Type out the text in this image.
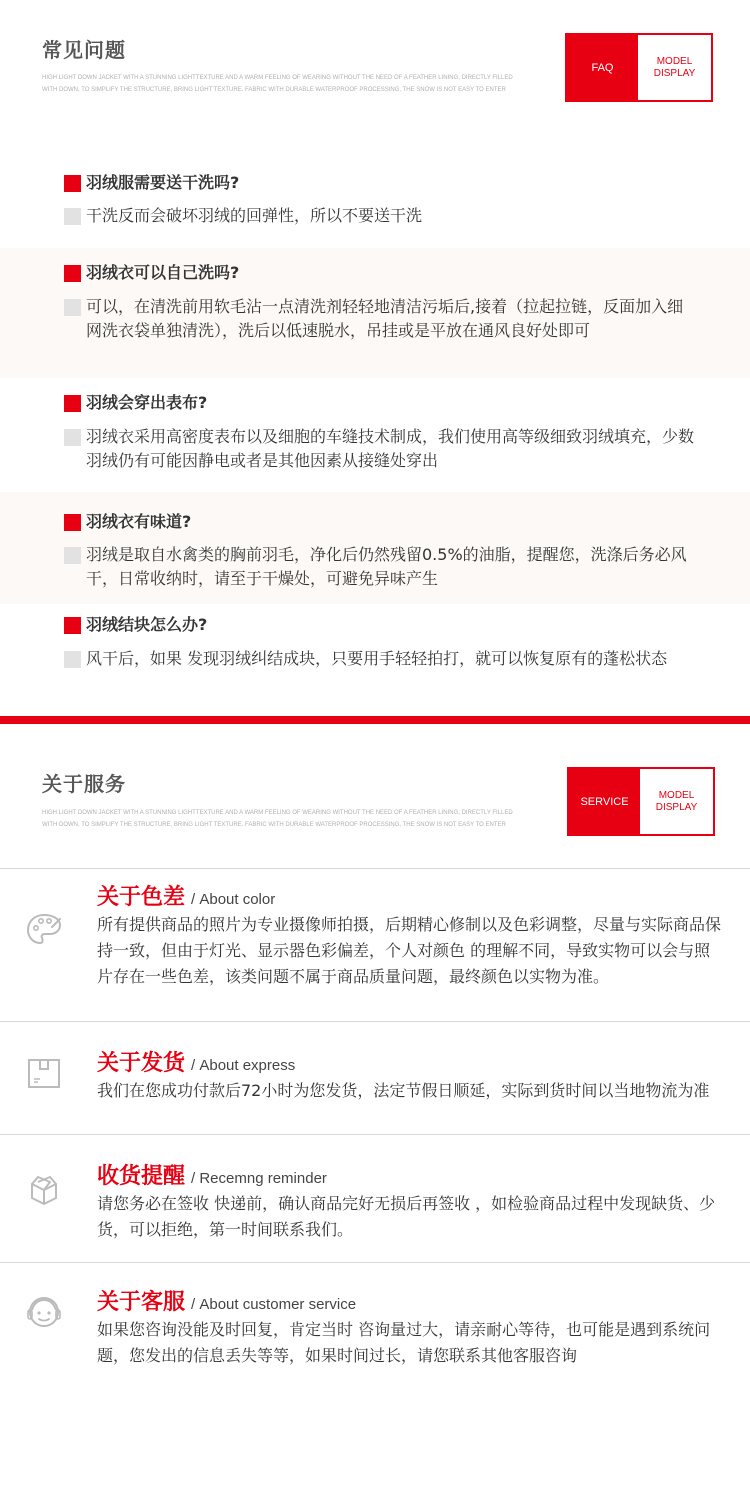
常见问题
HIGH LIGHT DOWN JACKET WITH A STUNNING LIGHTTEXTURE AND A WARM FEELING OF WEARING WITHOUT THE NEED OF A FEATHER LINING, DIRECTLY FILLED WITH DOWN, TO SIMPLIFY THE STRUCTURE, BRING LIGHT TEXTURE. FABRIC WITH DURABLE WATERPROOF PROCESSING, THE SNOW IS NOT EASY TO ENTER
FAQ
MODEL
DISPLAY
羽绒服需要送干洗吗?
干洗反而会破坏羽绒的回弹性，所以不要送干洗
羽绒衣可以自己洗吗?
可以，在清洗前用软毛沾一点清洗剂轻轻地清洁污垢后,接着（拉起拉链，反面加入细网洗衣袋单独清洗），洗后以低速脱水，吊挂或是平放在通风良好处即可
羽绒会穿出表布?
羽绒衣采用高密度表布以及细胞的车缝技术制成，我们使用高等级细致羽绒填充，少数羽绒仍有可能因静电或者是其他因素从接缝处穿出
羽绒衣有味道?
羽绒是取自水禽类的胸前羽毛，净化后仍然残留0.5%的油脂，提醒您，洗涤后务必风干，日常收纳时，请至于干燥处，可避免异味产生
羽绒结块怎么办?
风干后，如果 发现羽绒纠结成块，只要用手轻轻拍打，就可以恢复原有的蓬松状态
关于服务
HIGH LIGHT DOWN JACKET WITH A STUNNING LIGHTTEXTURE AND A WARM FEELING OF WEARING WITHOUT THE NEED OF A FEATHER LINING, DIRECTLY FILLED WITH DOWN, TO SIMPLIFY THE STRUCTURE, BRING LIGHT TEXTURE. FABRIC WITH DURABLE WATERPROOF PROCESSING, THE SNOW IS NOT EASY TO ENTER
SERVICE
MODEL
DISPLAY
关于色差 / About color
所有提供商品的照片为专业摄像师拍摄，后期精心修制以及色彩调整，尽量与实际商品保持一致，但由于灯光、显示器色彩偏差，个人对颜色 的理解不同，导致实物可以会与照片存在一些色差，该类问题不属于商品质量问题，最终颜色以实物为准。
关于发货 / About express
我们在您成功付款后72小时为您发货，法定节假日顺延，实际到货时间以当地物流为准
收货提醒 / Recemng reminder
请您务必在签收 快递前，确认商品完好无损后再签收 ，如检验商品过程中发现缺货、少货，可以拒绝，第一时间联系我们。
关于客服 / About customer service
如果您咨询没能及时回复，肯定当时 咨询量过大，请亲耐心等待，也可能是遇到系统问题，您发出的信息丢失等等，如果时间过长，请您联系其他客服咨询
